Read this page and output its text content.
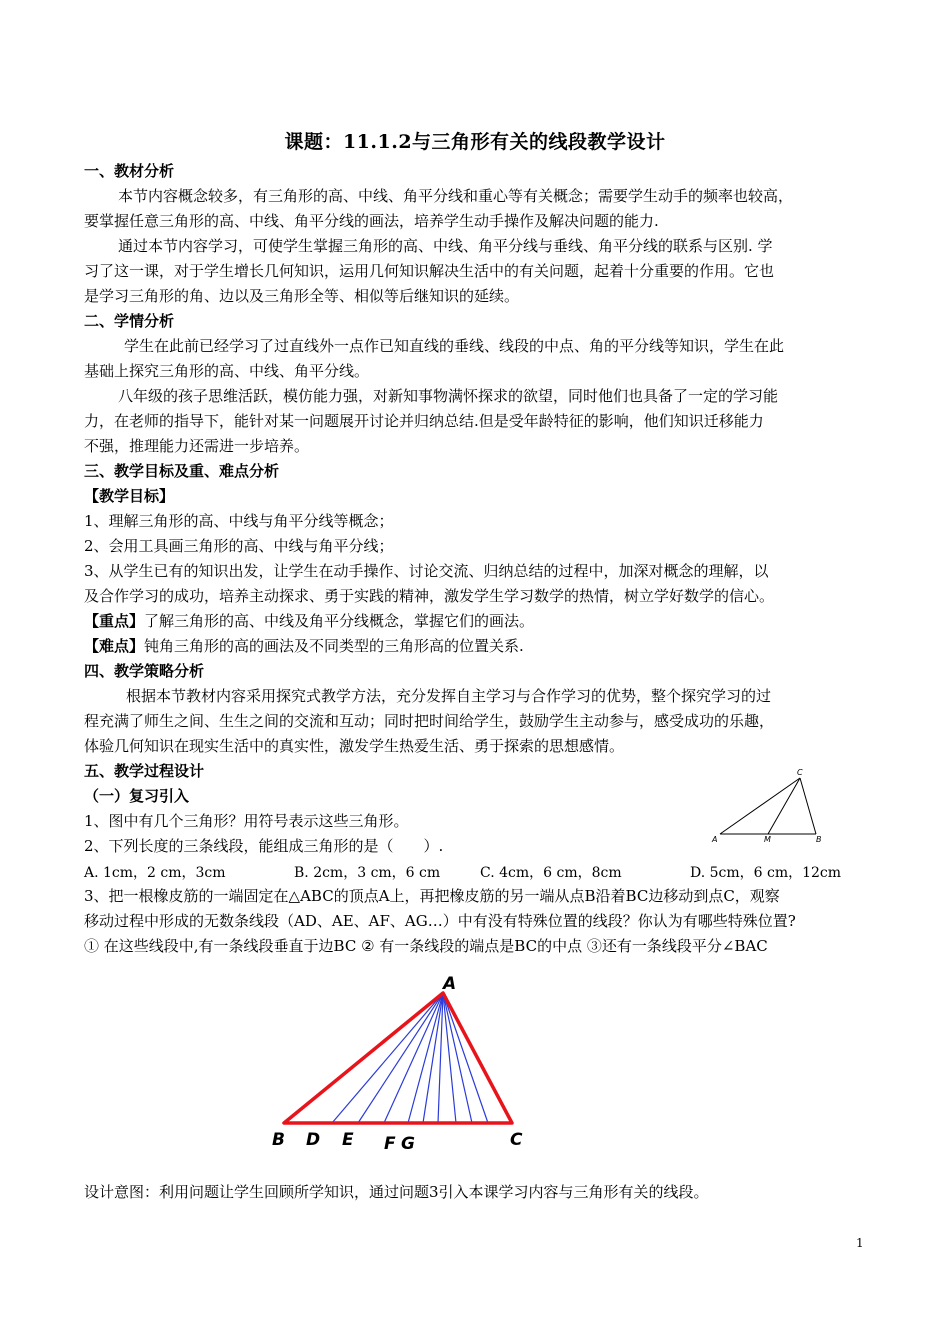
课题：11.1.2与三角形有关的线段教学设计
一、教材分析
本节内容概念较多，有三角形的高、中线、角平分线和重心等有关概念；需要学生动手的频率也较高，
要掌握任意三角形的高、中线、角平分线的画法，培养学生动手操作及解决问题的能力.
通过本节内容学习，可使学生掌握三角形的高、中线、角平分线与垂线、角平分线的联系与区别. 学
习了这一课，对于学生增长几何知识，运用几何知识解决生活中的有关问题，起着十分重要的作用。它也
是学习三角形的角、边以及三角形全等、相似等后继知识的延续。
二、学情分析
学生在此前已经学习了过直线外一点作已知直线的垂线、线段的中点、角的平分线等知识，学生在此
基础上探究三角形的高、中线、角平分线。
八年级的孩子思维活跃，模仿能力强，对新知事物满怀探求的欲望，同时他们也具备了一定的学习能
力，在老师的指导下，能针对某一问题展开讨论并归纳总结.但是受年龄特征的影响，他们知识迁移能力
不强，推理能力还需进一步培养。
三、教学目标及重、难点分析
【教学目标】
1、理解三角形的高、中线与角平分线等概念；
2、会用工具画三角形的高、中线与角平分线；
3、从学生已有的知识出发，让学生在动手操作、讨论交流、归纳总结的过程中，加深对概念的理解，以
及合作学习的成功，培养主动探求、勇于实践的精神，激发学生学习数学的热情，树立学好数学的信心。
【重点】了解三角形的高、中线及角平分线概念，掌握它们的画法。
【难点】钝角三角形的高的画法及不同类型的三角形高的位置关系.
四、教学策略分析
根据本节教材内容采用探究式教学方法，充分发挥自主学习与合作学习的优势，整个探究学习的过
程充满了师生之间、生生之间的交流和互动；同时把时间给学生，鼓励学生主动参与，感受成功的乐趣，
体验几何知识在现实生活中的真实性，激发学生热爱生活、勇于探索的思想感情。
五、教学过程设计
（一）复习引入
1、图中有几个三角形？用符号表示这些三角形。
2、下列长度的三条线段，能组成三角形的是（　　）.
A. 1cm，2 cm，3cm	B. 2cm，3 cm，6 cm	C. 4cm，6 cm，8cm	D. 5cm，6 cm，12cm
3、把一根橡皮筋的一端固定在△ABC的顶点A上，再把橡皮筋的另一端从点B沿着BC边移动到点C，观察
移动过程中形成的无数条线段（AD、AE、AF、AG…）中有没有特殊位置的线段？你认为有哪些特殊位置?
① 在这些线段中,有一条线段垂直于边BC ② 有一条线段的端点是BC的中点 ③还有一条线段平分∠BAC
C
A	M	B
A
B D E F G	C
设计意图：利用问题让学生回顾所学知识，通过问题3引入本课学习内容与三角形有关的线段。
1
